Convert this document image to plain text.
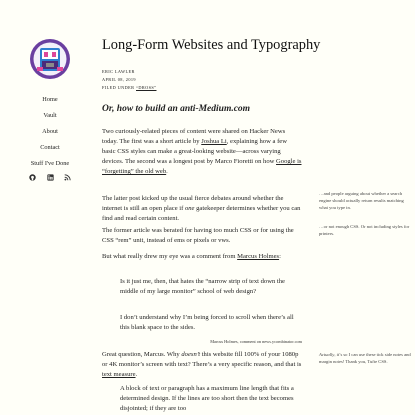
Home
Vault
About
Contact
Stuff I've Done
Long-Form Websites and Typography
ERIC LAWLER
APRIL 08, 2019
FILED UNDER “DROSS”
Or, how to build an anti-Medium.com

Two curiously-related pieces of content were shared on Hacker News today. The first was a short article by Joshua Li, explaining how a few basic CSS styles can make a great-looking website—across varying devices. The second was a longest post by Marco Fioretti on how Google is “forgetting” the old web.

The latter post kicked up the usual fierce debates around whether the internet is still an open place if one gatekeeper determines whether you can find and read certain content.

The former article was berated for having too much CSS or for using the CSS “rem” unit, instead of ems or pixels or vws.

But what really drew my eye was a comment from Marcus Holmes:

Is it just me, then, that hates the “narrow strip of text down the middle of my large monitor” school of web design?

I don’t understand why I’m being forced to scroll when there’s all this blank space to the sides.

Marcus Holmes, comment on news.ycombinator.com

Great question, Marcus. Why doesn’t this website fill 100% of your 1080p or 4K monitor’s screen with text? There’s a very specific reason, and that is text measure.

A block of text or paragraph has a maximum line length that fits a determined design. If the lines are too short then the text becomes disjointed; if they are too

…and people arguing about whether a search engine should actually return results matching what you type in.
…or not enough CSS. Or not including styles for printers.
Actually, it’s so I can use these tick side notes and margin notes! Thank you, Tufte CSS.
